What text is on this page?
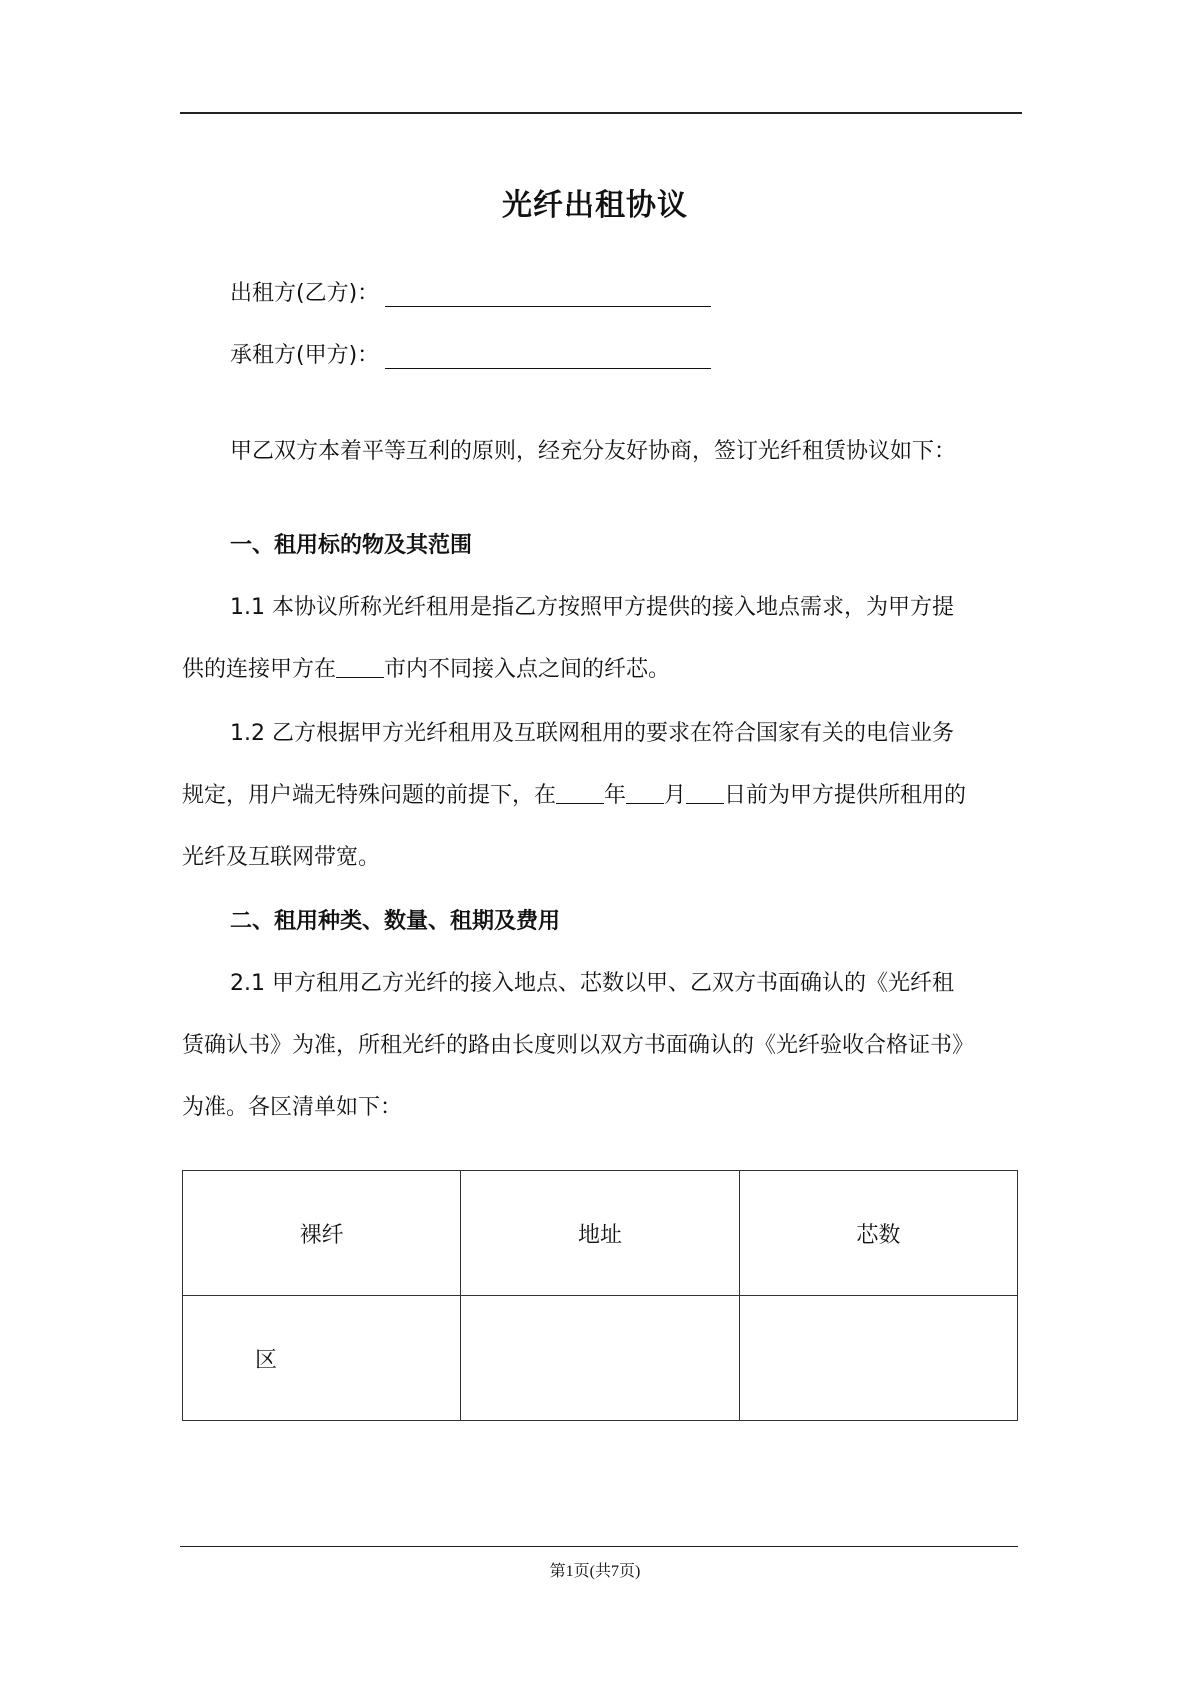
光纤出租协议
出租方(乙方)：
承租方(甲方)：
甲乙双方本着平等互利的原则，经充分友好协商，签订光纤租赁协议如下：
一、租用标的物及其范围
1.1 本协议所称光纤租用是指乙方按照甲方提供的接入地点需求，为甲方提
供的连接甲方在 市内不同接入点之间的纤芯。
1.2 乙方根据甲方光纤租用及互联网租用的要求在符合国家有关的电信业务
规定，用户端无特殊问题的前提下，在 年 月 日前为甲方提供所租用的
光纤及互联网带宽。
二、租用种类、数量、租期及费用
2.1 甲方租用乙方光纤的接入地点、芯数以甲、乙双方书面确认的《光纤租
赁确认书》为准，所租光纤的路由长度则以双方书面确认的《光纤验收合格证书》
为准。各区清单如下：
裸纤	地址	芯数
区		
第1页(共7页)
